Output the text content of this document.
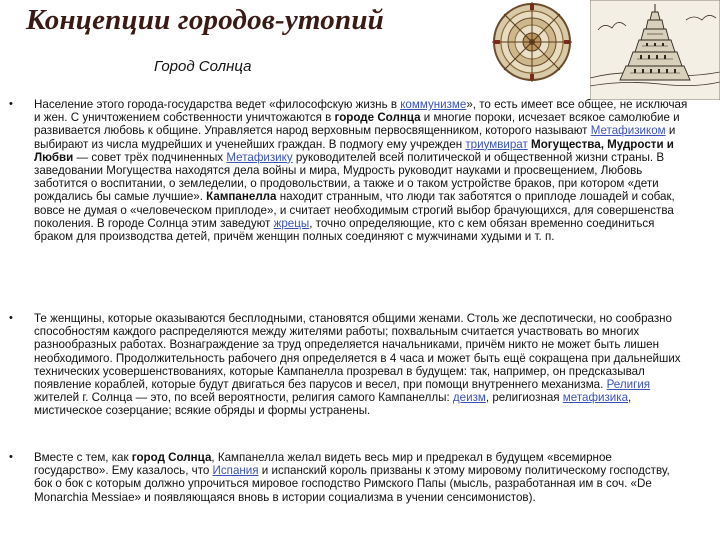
Концепции городов-утопий
Город Солнца
•
•
•
Население этого города-государства ведет «философскую жизнь в коммунизме», то есть имеет все общее, не исключая и жен. С уничтожением собственности уничтожаются в городе Солнца и многие пороки, исчезает всякое самолюбие и развивается любовь к общине. Управляется народ верховным первосвященником, которого называют Метафизиком и выбирают из числа мудрейших и ученейших граждан. В подмогу ему учрежден триумвират Могущества, Мудрости и Любви — совет трёх подчиненных Метафизику руководителей всей политической и общественной жизни страны. В заведовании Могущества находятся дела войны и мира, Мудрость руководит науками и просвещением, Любовь заботится о воспитании, о земледелии, о продовольствии, а также и о таком устройстве браков, при котором «дети рождались бы самые лучшие». Кампанелла находит странным, что люди так заботятся о приплоде лошадей и собак, вовсе не думая о «человеческом приплоде», и считает необходимым строгий выбор брачующихся, для совершенства поколения. В городе Солнца этим заведуют жрецы, точно определяющие, кто с кем обязан временно соединиться браком для производства детей, причём женщин полных соединяют с мужчинами худыми и т. п.
Те женщины, которые оказываются бесплодными, становятся общими женами. Столь же деспотически, но сообразно способностям каждого распределяются между жителями работы; похвальным считается участвовать во многих разнообразных работах. Вознаграждение за труд определяется начальниками, причём никто не может быть лишен необходимого. Продолжительность рабочего дня определяется в 4 часа и может быть ещё сокращена при дальнейших технических усовершенствованиях, которые Кампанелла прозревал в будущем: так, например, он предсказывал появление кораблей, которые будут двигаться без парусов и весел, при помощи внутреннего механизма. Религия жителей г. Солнца — это, по всей вероятности, религия самого Кампанеллы: деизм, религиозная метафизика, мистическое созерцание; всякие обряды и формы устранены.
Вместе с тем, как город Солнца, Кампанелла желал видеть весь мир и предрекал в будущем «всемирное государство». Ему казалось, что Испания и испанский король призваны к этому мировому политическому господству, бок о бок с которым должно упрочиться мировое господство Римского Папы (мысль, разработанная им в соч. «De Monarchia Messiae» и появляющаяся вновь в истории социализма в учении сенсимонистов).
